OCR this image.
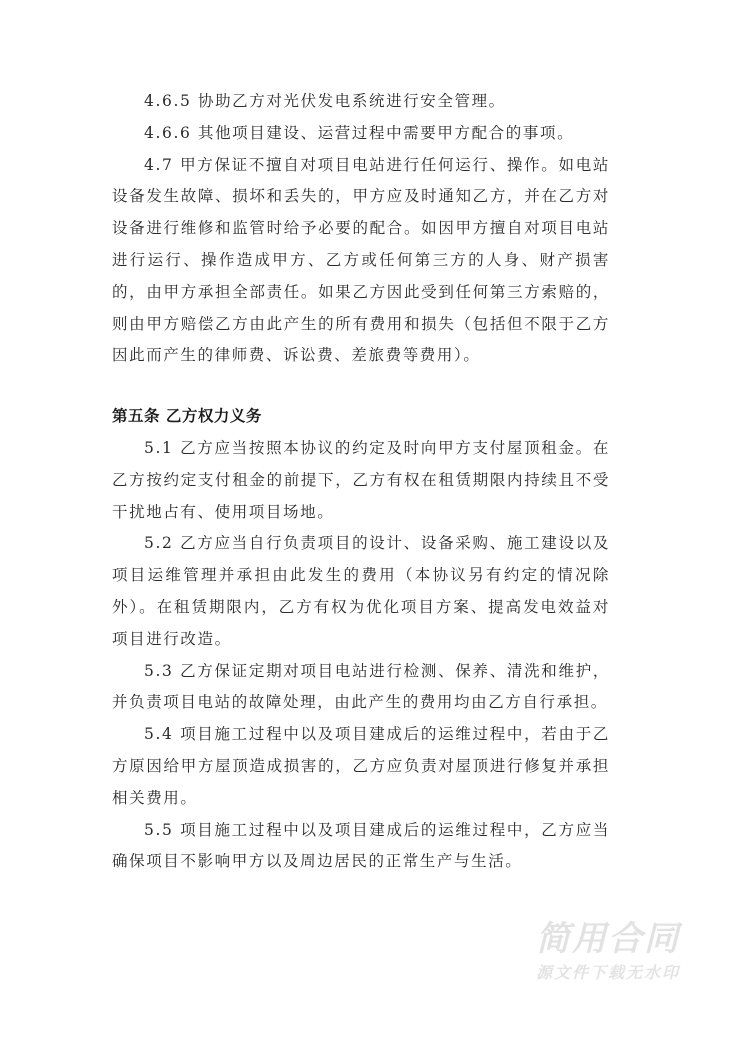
4.6.5 协助乙方对光伏发电系统进行安全管理。

4.6.6 其他项目建设、运营过程中需要甲方配合的事项。

4.7 甲方保证不擅自对项目电站进行任何运行、操作。如电站设备发生故障、损坏和丢失的，甲方应及时通知乙方，并在乙方对设备进行维修和监管时给予必要的配合。如因甲方擅自对项目电站进行运行、操作造成甲方、乙方或任何第三方的人身、财产损害的，由甲方承担全部责任。如果乙方因此受到任何第三方索赔的，则由甲方赔偿乙方由此产生的所有费用和损失（包括但不限于乙方因此而产生的律师费、诉讼费、差旅费等费用）。

第五条 乙方权力义务

5.1 乙方应当按照本协议的约定及时向甲方支付屋顶租金。在乙方按约定支付租金的前提下，乙方有权在租赁期限内持续且不受干扰地占有、使用项目场地。

5.2 乙方应当自行负责项目的设计、设备采购、施工建设以及项目运维管理并承担由此发生的费用（本协议另有约定的情况除外）。在租赁期限内，乙方有权为优化项目方案、提高发电效益对项目进行改造。

5.3 乙方保证定期对项目电站进行检测、保养、清洗和维护，并负责项目电站的故障处理，由此产生的费用均由乙方自行承担。

5.4 项目施工过程中以及项目建成后的运维过程中，若由于乙方原因给甲方屋顶造成损害的，乙方应负责对屋顶进行修复并承担相关费用。

5.5 项目施工过程中以及项目建成后的运维过程中，乙方应当确保项目不影响甲方以及周边居民的正常生产与生活。

简用合同
源文件下载无水印
